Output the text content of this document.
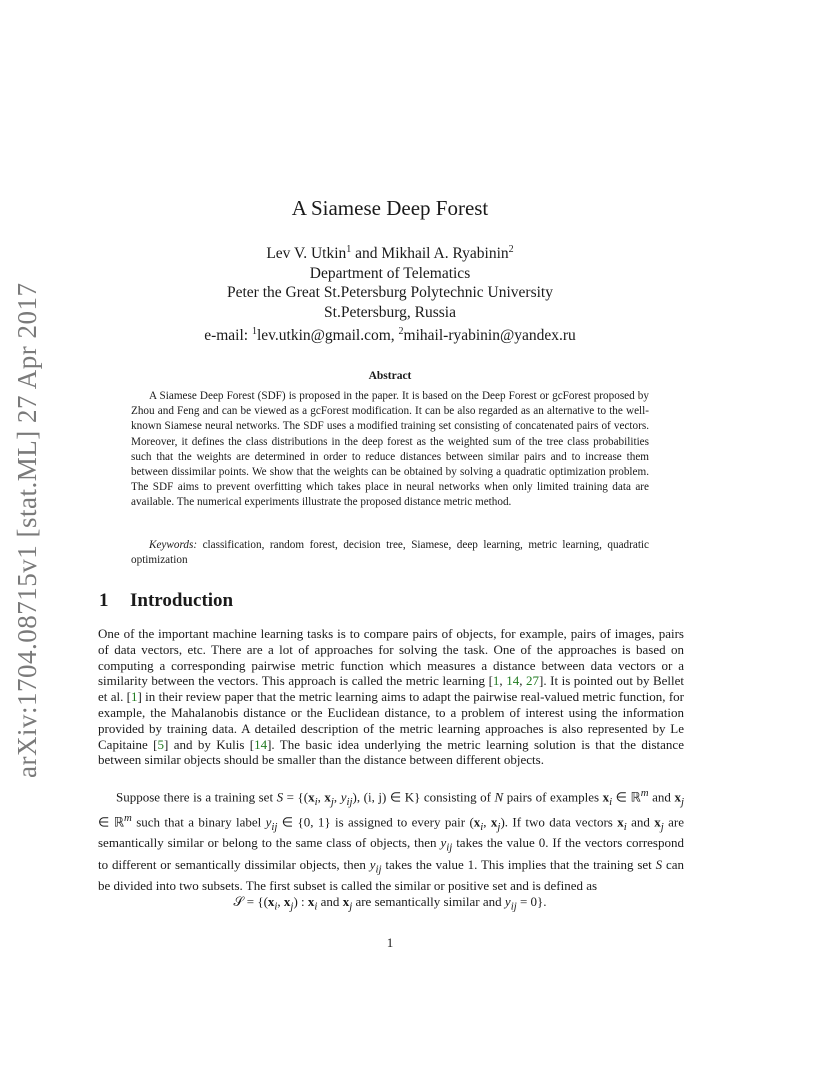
arXiv:1704.08715v1 [stat.ML] 27 Apr 2017
A Siamese Deep Forest
Lev V. Utkin$^1$ and Mikhail A. Ryabinin$^2$
Department of Telematics
Peter the Great St.Petersburg Polytechnic University
St.Petersburg, Russia
e-mail: $^1$lev.utkin@gmail.com, $^2$mihail-ryabinin@yandex.ru
Abstract
A Siamese Deep Forest (SDF) is proposed in the paper. It is based on the Deep Forest or gcForest proposed by Zhou and Feng and can be viewed as a gcForest modification. It can be also regarded as an alternative to the well-known Siamese neural networks. The SDF uses a modified training set consisting of concatenated pairs of vectors. Moreover, it defines the class distributions in the deep forest as the weighted sum of the tree class probabilities such that the weights are determined in order to reduce distances between similar pairs and to increase them between dissimilar points. We show that the weights can be obtained by solving a quadratic optimization problem. The SDF aims to prevent overfitting which takes place in neural networks when only limited training data are available. The numerical experiments illustrate the proposed distance metric method.
Keywords: classification, random forest, decision tree, Siamese, deep learning, metric learning, quadratic optimization
1 Introduction
One of the important machine learning tasks is to compare pairs of objects, for example, pairs of images, pairs of data vectors, etc. There are a lot of approaches for solving the task. One of the approaches is based on computing a corresponding pairwise metric function which measures a distance between data vectors or a similarity between the vectors. This approach is called the metric learning [1, 14, 27]. It is pointed out by Bellet et al. [1] in their review paper that the metric learning aims to adapt the pairwise real-valued metric function, for example, the Mahalanobis distance or the Euclidean distance, to a problem of interest using the information provided by training data. A detailed description of the metric learning approaches is also represented by Le Capitaine [5] and by Kulis [14]. The basic idea underlying the metric learning solution is that the distance between similar objects should be smaller than the distance between different objects.
Suppose there is a training set $S = \{(x_i$, $x_j$, $y_{ij}$), (i, j) ∈ K} consisting of N pairs of examples $x_i$ ∈ ℝ$^m$ and $x_j$ ∈ ℝ$^m$ such that a binary label $y_{ij}$ ∈ {0, 1} is assigned to every pair ($x_i$, $x_j$). If two data vectors $x_i$ and $x_j$ are semantically similar or belong to the same class of objects, then $y_{ij}$ takes the value 0. If the vectors correspond to different or semantically dissimilar objects, then $y_{ij}$ takes the value 1. This implies that the training set S can be divided into two subsets. The first subset is called the similar or positive set and is defined as
𝒮 = {($x_i$, $x_j$) : $x_i$ and $x_j$ are semantically similar and $y_{ij} = 0$}.
1
